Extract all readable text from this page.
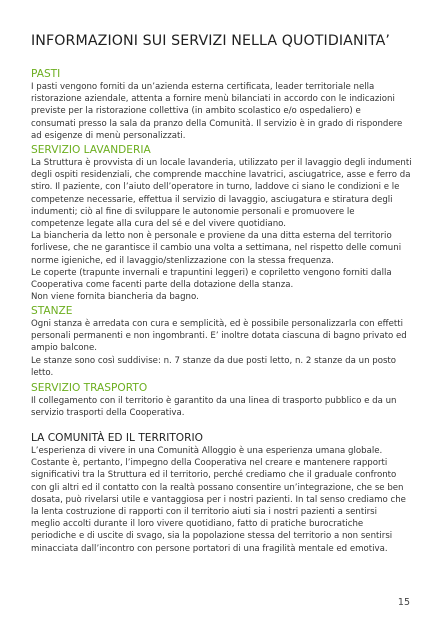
INFORMAZIONI SUI SERVIZI NELLA QUOTIDIANITA’
PASTI
I pasti vengono forniti da un’azienda esterna certificata, leader territoriale nella
ristorazione aziendale, attenta a fornire menù bilanciati in accordo con le indicazioni
previste per la ristorazione collettiva (in ambito scolastico e/o ospedaliero) e
consumati presso la sala da pranzo della Comunità. Il servizio è in grado di rispondere
ad esigenze di menù personalizzati.
SERVIZIO LAVANDERIA
La Struttura è provvista di un locale lavanderia, utilizzato per il lavaggio degli indumenti
degli ospiti residenziali, che comprende macchine lavatrici, asciugatrice, asse e ferro da
stiro. Il paziente, con l’aiuto dell’operatore in turno, laddove ci siano le condizioni e le
competenze necessarie, effettua il servizio di lavaggio, asciugatura e stiratura degli
indumenti; ciò al fine di sviluppare le autonomie personali e promuovere le
competenze legate alla cura del sé e del vivere quotidiano.
La biancheria da letto non è personale e proviene da una ditta esterna del territorio
forlivese, che ne garantisce il cambio una volta a settimana, nel rispetto delle comuni
norme igieniche, ed il lavaggio/stenlizzazione con la stessa frequenza.
Le coperte (trapunte invernali e trapuntini leggeri) e copriletto vengono forniti dalla
Cooperativa come facenti parte della dotazione della stanza.
Non viene fornita biancheria da bagno.
STANZE
Ogni stanza è arredata con cura e semplicità, ed è possibile personalizzarla con effetti
personali permanenti e non ingombranti. E’ inoltre dotata ciascuna di bagno privato ed
ampio balcone.
Le stanze sono così suddivise: n. 7 stanze da due posti letto, n. 2 stanze da un posto
letto.
SERVIZIO TRASPORTO
Il collegamento con il territorio è garantito da una linea di trasporto pubblico e da un
servizio trasporti della Cooperativa.
LA COMUNITÀ ED IL TERRITORIO
L’esperienza di vivere in una Comunità Alloggio è una esperienza umana globale.
Costante è, pertanto, l’impegno della Cooperativa nel creare e mantenere rapporti
significativi tra la Struttura ed il territorio, perché crediamo che il graduale confronto
con gli altri ed il contatto con la realtà possano consentire un’integrazione, che se ben
dosata, può rivelarsi utile e vantaggiosa per i nostri pazienti. In tal senso crediamo che
la lenta costruzione di rapporti con il territorio aiuti sia i nostri pazienti a sentirsi
meglio accolti durante il loro vivere quotidiano, fatto di pratiche burocratiche
periodiche e di uscite di svago, sia la popolazione stessa del territorio a non sentirsi
minacciata dall’incontro con persone portatori di una fragilità mentale ed emotiva.
15
